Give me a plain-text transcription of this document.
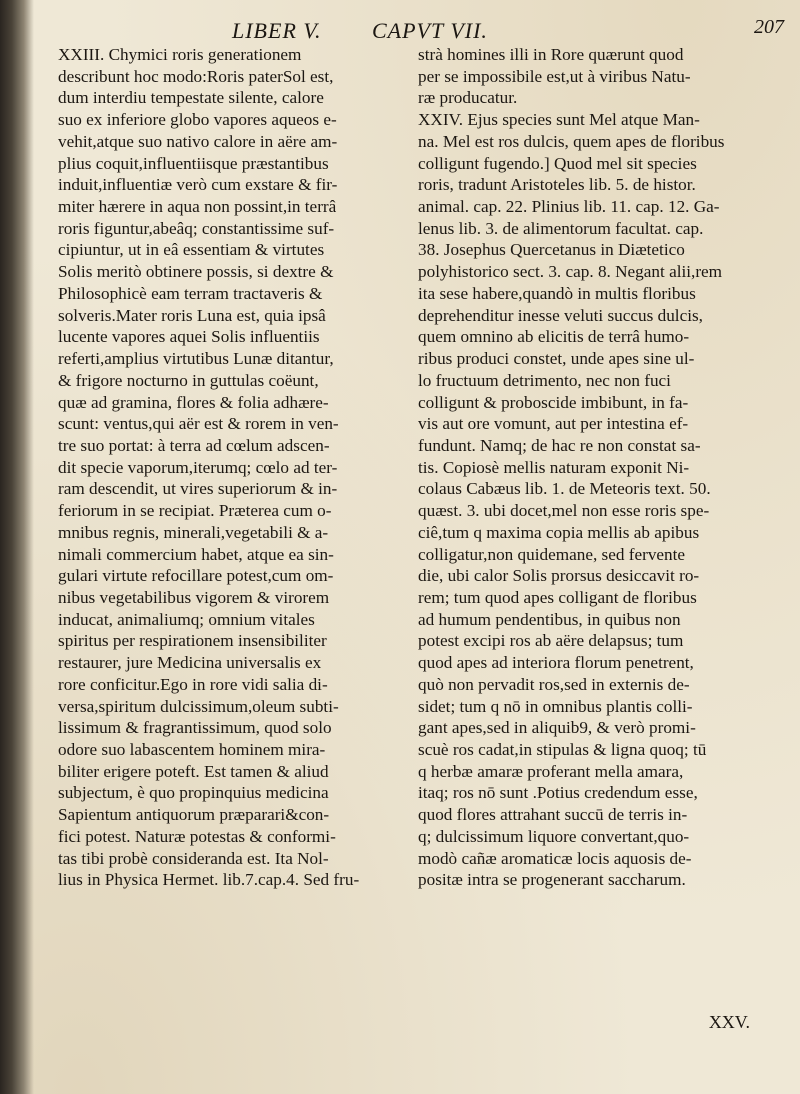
LIBER V. CAPVT VII.	207
XXIII. Chymici roris generationem
describunt hoc modo:Roris paterSol est,
dum interdiu tempestate silente, calore
suo ex inferiore globo vapores aqueos e-
vehit,atque suo nativo calore in aëre am-
plius coquit,influentiisque præstantibus
induit,influentiæ verò cum exstare & fir-
miter hærere in aqua non possint,in terrâ
roris figuntur,abeâq; constantissime suf-
cipiuntur, ut in eâ essentiam & virtutes
Solis meritò obtinere possis, si dextre &
Philosophicè eam terram tractaveris &
solveris.Mater roris Luna est, quia ipsâ
lucente vapores aquei Solis influentiis
referti,amplius virtutibus Lunæ ditantur,
& frigore nocturno in guttulas coëunt,
quæ ad gramina, flores & folia adhære-
scunt: ventus,qui aër est & rorem in ven-
tre suo portat: à terra ad cœlum adscen-
dit specie vaporum,iterumq; cœlo ad ter-
ram descendit, ut vires superiorum & in-
feriorum in se recipiat. Præterea cum o-
mnibus regnis, minerali,vegetabili & a-
nimali commercium habet, atque ea sin-
gulari virtute refocillare potest,cum om-
nibus vegetabilibus vigorem & virorem
inducat, animaliumq; omnium vitales
spiritus per respirationem insensibiliter
restaurer, jure Medicina universalis ex
rore conficitur.Ego in rore vidi salia di-
versa,spiritum dulcissimum,oleum subti-
lissimum & fragrantissimum, quod solo
odore suo labascentem hominem mira-
biliter erigere poteft. Est tamen & aliud
subjectum, è quo propinquius medicina
Sapientum antiquorum præparari&con-
fici potest. Naturæ potestas & conformi-
tas tibi probè consideranda est. Ita Nol-
lius in Physica Hermet. lib.7.cap.4. Sed fru-
strà homines illi in Rore quærunt quod
per se impossibile est,ut à viribus Natu-
ræ producatur.
XXIV. Ejus species sunt Mel atque Man-
na. Mel est ros dulcis, quem apes de floribus
colligunt fugendo.] Quod mel sit species
roris, tradunt Aristoteles lib. 5. de histor.
animal. cap. 22. Plinius lib. 11. cap. 12. Ga-
lenus lib. 3. de alimentorum facultat. cap.
38. Josephus Quercetanus in Diætetico
polyhistorico sect. 3. cap. 8. Negant alii,rem
ita sese habere,quandò in multis floribus
deprehenditur inesse veluti succus dulcis,
quem omnino ab elicitis de terrâ humo-
ribus produci constet, unde apes sine ul-
lo fructuum detrimento, nec non fuci
colligunt & proboscide imbibunt, in fa-
vis aut ore vomunt, aut per intestina ef-
fundunt. Namq; de hac re non constat sa-
tis. Copiosè mellis naturam exponit Ni-
colaus Cabæus lib. 1. de Meteoris text. 50.
quæst. 3. ubi docet,mel non esse roris spe-
ciê,tum q maxima copia mellis ab apibus
colligatur,non quidemane, sed fervente
die, ubi calor Solis prorsus desiccavit ro-
rem; tum quod apes colligant de floribus
ad humum pendentibus, in quibus non
potest excipi ros ab aëre delapsus; tum
quod apes ad interiora florum penetrent,
quò non pervadit ros,sed in externis de-
sidet; tum q nō in omnibus plantis colli-
gant apes,sed in aliquib9, & verò promi-
scuè ros cadat,in stipulas & ligna quoq; tū
q herbæ amaræ proferant mella amara,
itaq; ros nō sunt .Potius credendum esse,
quod flores attrahant succū de terris in-
q; dulcissimum liquore convertant,quo-
modò cañæ aromaticæ locis aquosis de-
positæ intra se progenerant saccharum.
XXV.
